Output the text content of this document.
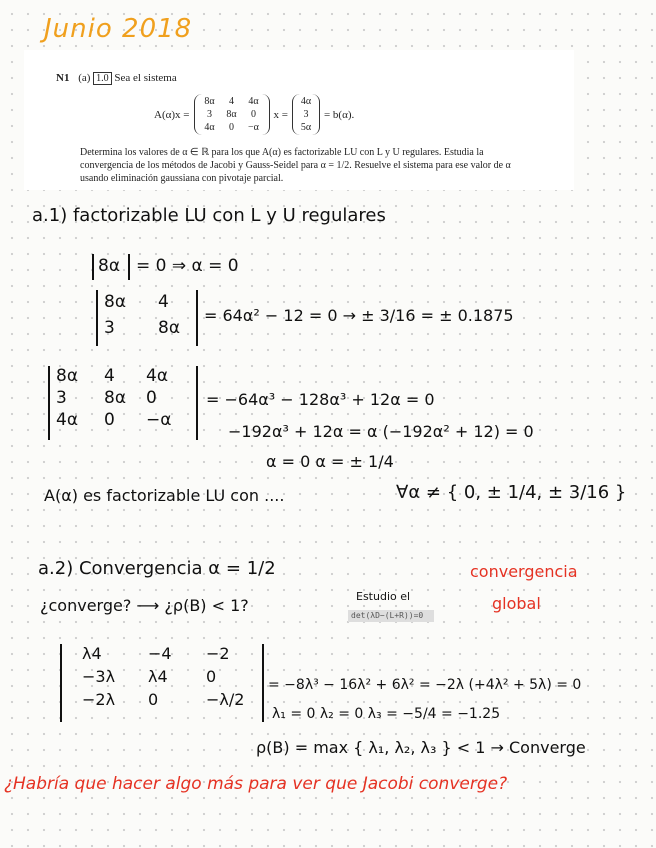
Junio 2018
N1 (a) 1.0 Sea el sistema
A(α)x =
8α	4	4α
3	8α	0
4α	0	−α
x =
4α
3
5α
= b(α).
Determina los valores de α ∈ ℝ para los que A(α) es factorizable LU con L y U regulares. Estudia la convergencia de los métodos de Jacobi y Gauss-Seidel para α = 1/2. Resuelve el sistema para ese valor de α usando eliminación gaussiana con pivotaje parcial.
a.1) factorizable LU con L y U regulares
8α = 0 ⇒ α = 0
8α	4
3	8α
= 64α² − 12 = 0 → ± 3/16 = ± 0.1875
8α	4	4α
3	8α	0
4α	0	−α
= −64α³ − 128α³ + 12α = 0
−192α³ + 12α = α (−192α² + 12) = 0
α = 0 α = ± 1/4
A(α) es factorizable LU con ....	∀α ≠ { 0, ± 1/4, ± 3/16 }
a.2) Convergencia α = 1/2	convergencia
global
¿converge? ⟶ ¿ρ(B) < 1?	Estudio el
det(λD−(L+R))=0
λ4	−4	−2
−3λ	λ4	0
−2λ	0	−λ/2
= −8λ³ − 16λ² + 6λ² = −2λ (+4λ² + 5λ) = 0
λ₁ = 0 λ₂ = 0 λ₃ = −5/4 = −1.25
ρ(B) = max { λ₁, λ₂, λ₃ } < 1 → Converge
¿Habría que hacer algo más para ver que Jacobi converge?
